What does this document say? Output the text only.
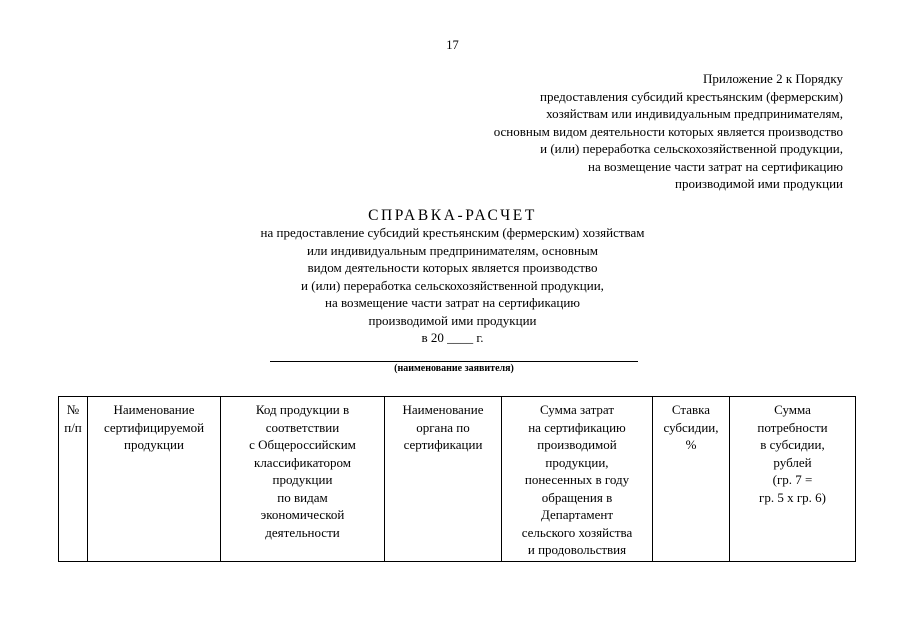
17
Приложение 2 к Порядку
предоставления субсидий крестьянским (фермерским)
хозяйствам или индивидуальным предпринимателям,
основным видом деятельности которых является производство
и (или) переработка сельскохозяйственной продукции,
на возмещение части затрат на сертификацию
производимой ими продукции
СПРАВКА-РАСЧЕТ
на предоставление субсидий крестьянским (фермерским) хозяйствам
или индивидуальным предпринимателям, основным
видом деятельности которых является производство
и (или) переработка сельскохозяйственной продукции,
на возмещение части затрат на сертификацию
производимой ими продукции
в 20 ____ г.
(наименование заявителя)
№
п/п

Наименование
сертифицируемой
продукции

Код продукции в
соответствии
с Общероссийским
классификатором
продукции
по видам
экономической
деятельности

Наименование
органа по
сертификации

Сумма затрат
на сертификацию
производимой
продукции,
понесенных в году
обращения в
Департамент
сельского хозяйства
и продовольствия

Ставка
субсидии,
%

Сумма
потребности
в субсидии,
рублей
(гр. 7 =
гр. 5 х гр. 6)
